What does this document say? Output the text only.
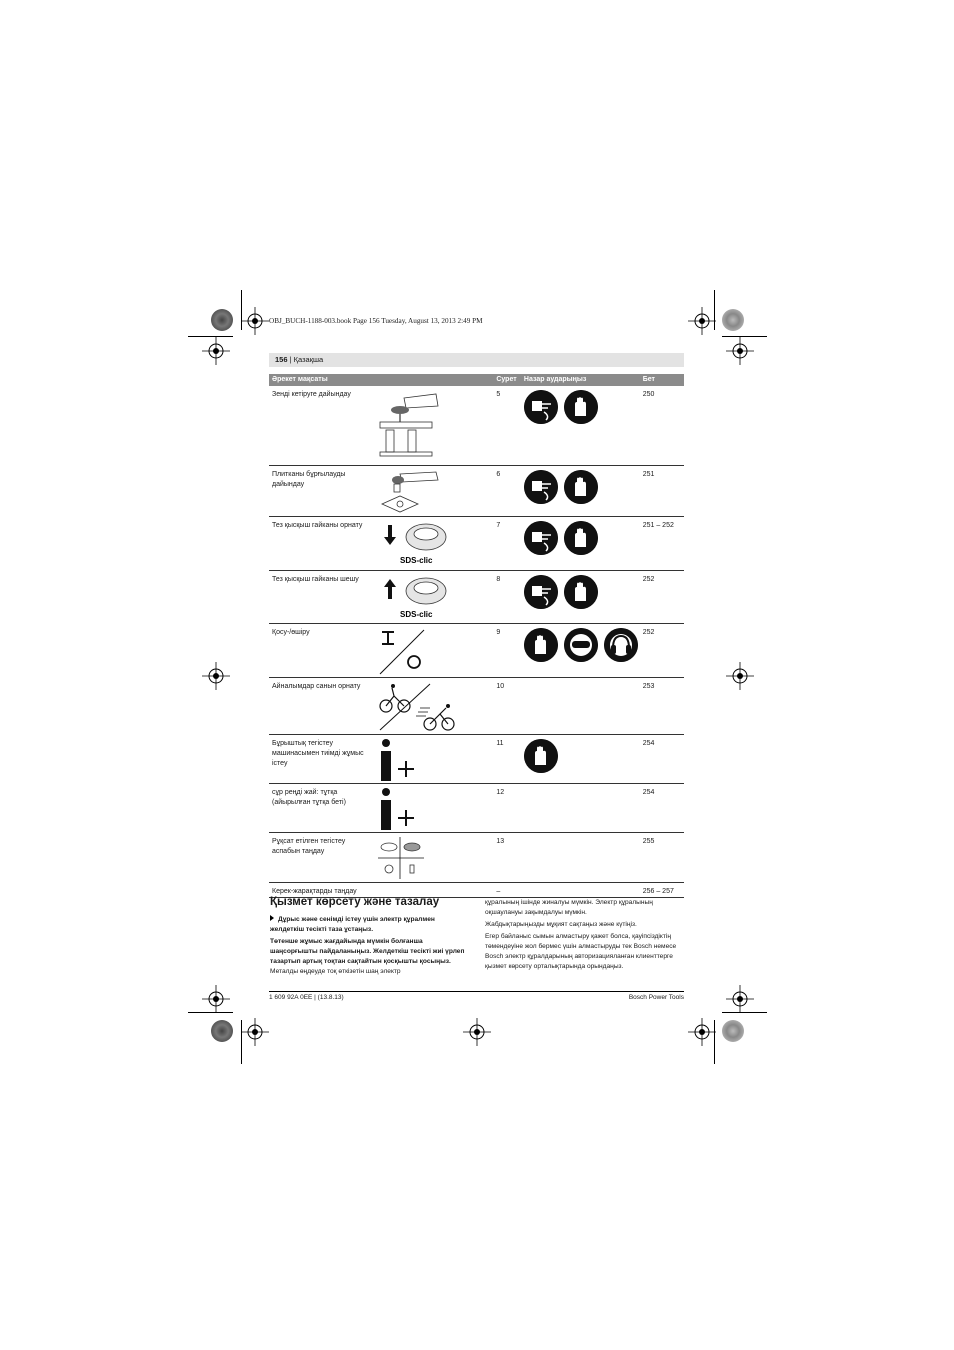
OBJ_BUCH-1188-003.book Page 156 Tuesday, August 13, 2013 2:49 PM
156 | Қазақша
Әрекет мақсаты		Сурет	Назар аударыңыз	Бет

Зенді кетіруге дайындау		5		250

Плитканы бұрғылауды дайындау		6		251

Тез қысқыш гайканы орнату	SDS-clic	7		251 – 252

Тез қысқыш гайканы шешу	SDS-clic	8		252

Қосу-/өшіру		9		252

Айналымдар санын орнату		10		253

Бұрыштық тегістеу машинасымен тиімді жұмыс істеу		11		254

сұр реңді жай: тұтқа (айырылған тұтқа беті)		12		254

Рұқсат етілген тегістеу аспабын таңдау		13		255

Керек-жарақтарды таңдау		–		256 – 257
Қызмет көрсету және тазалау

Дұрыс және сенімді істеу үшін электр құралмен желдеткіш тесікті таза ұстаңыз.

Төтенше жұмыс жағдайында мүмкін болғанша шаңсорғышты пайдаланыңыз. Желдеткіш тесікті жиі үрлеп тазартып артық тоқтан сақтайтын қосқышты қосыңыз. Металды өңдеуде тоқ өткізетін шаң электр

құралының ішінде жиналуы мүмкін. Электр құралының оқшаулануы зақымдалуы мүмкін.

Жабдықтарыңызды мұқият сақтаңыз және күтіңіз.

Егер байланыс сымын алмастыру қажет болса, қауіпсіздіктің төмендеуіне жол бермес үшін алмастыруды тек Bosch немесе Bosch электр құралдарының авторизацияланған клиенттерге қызмет көрсету орталықтарында орындаңыз.

1 609 92A 0EE | (13.8.13)	Bosch Power Tools
